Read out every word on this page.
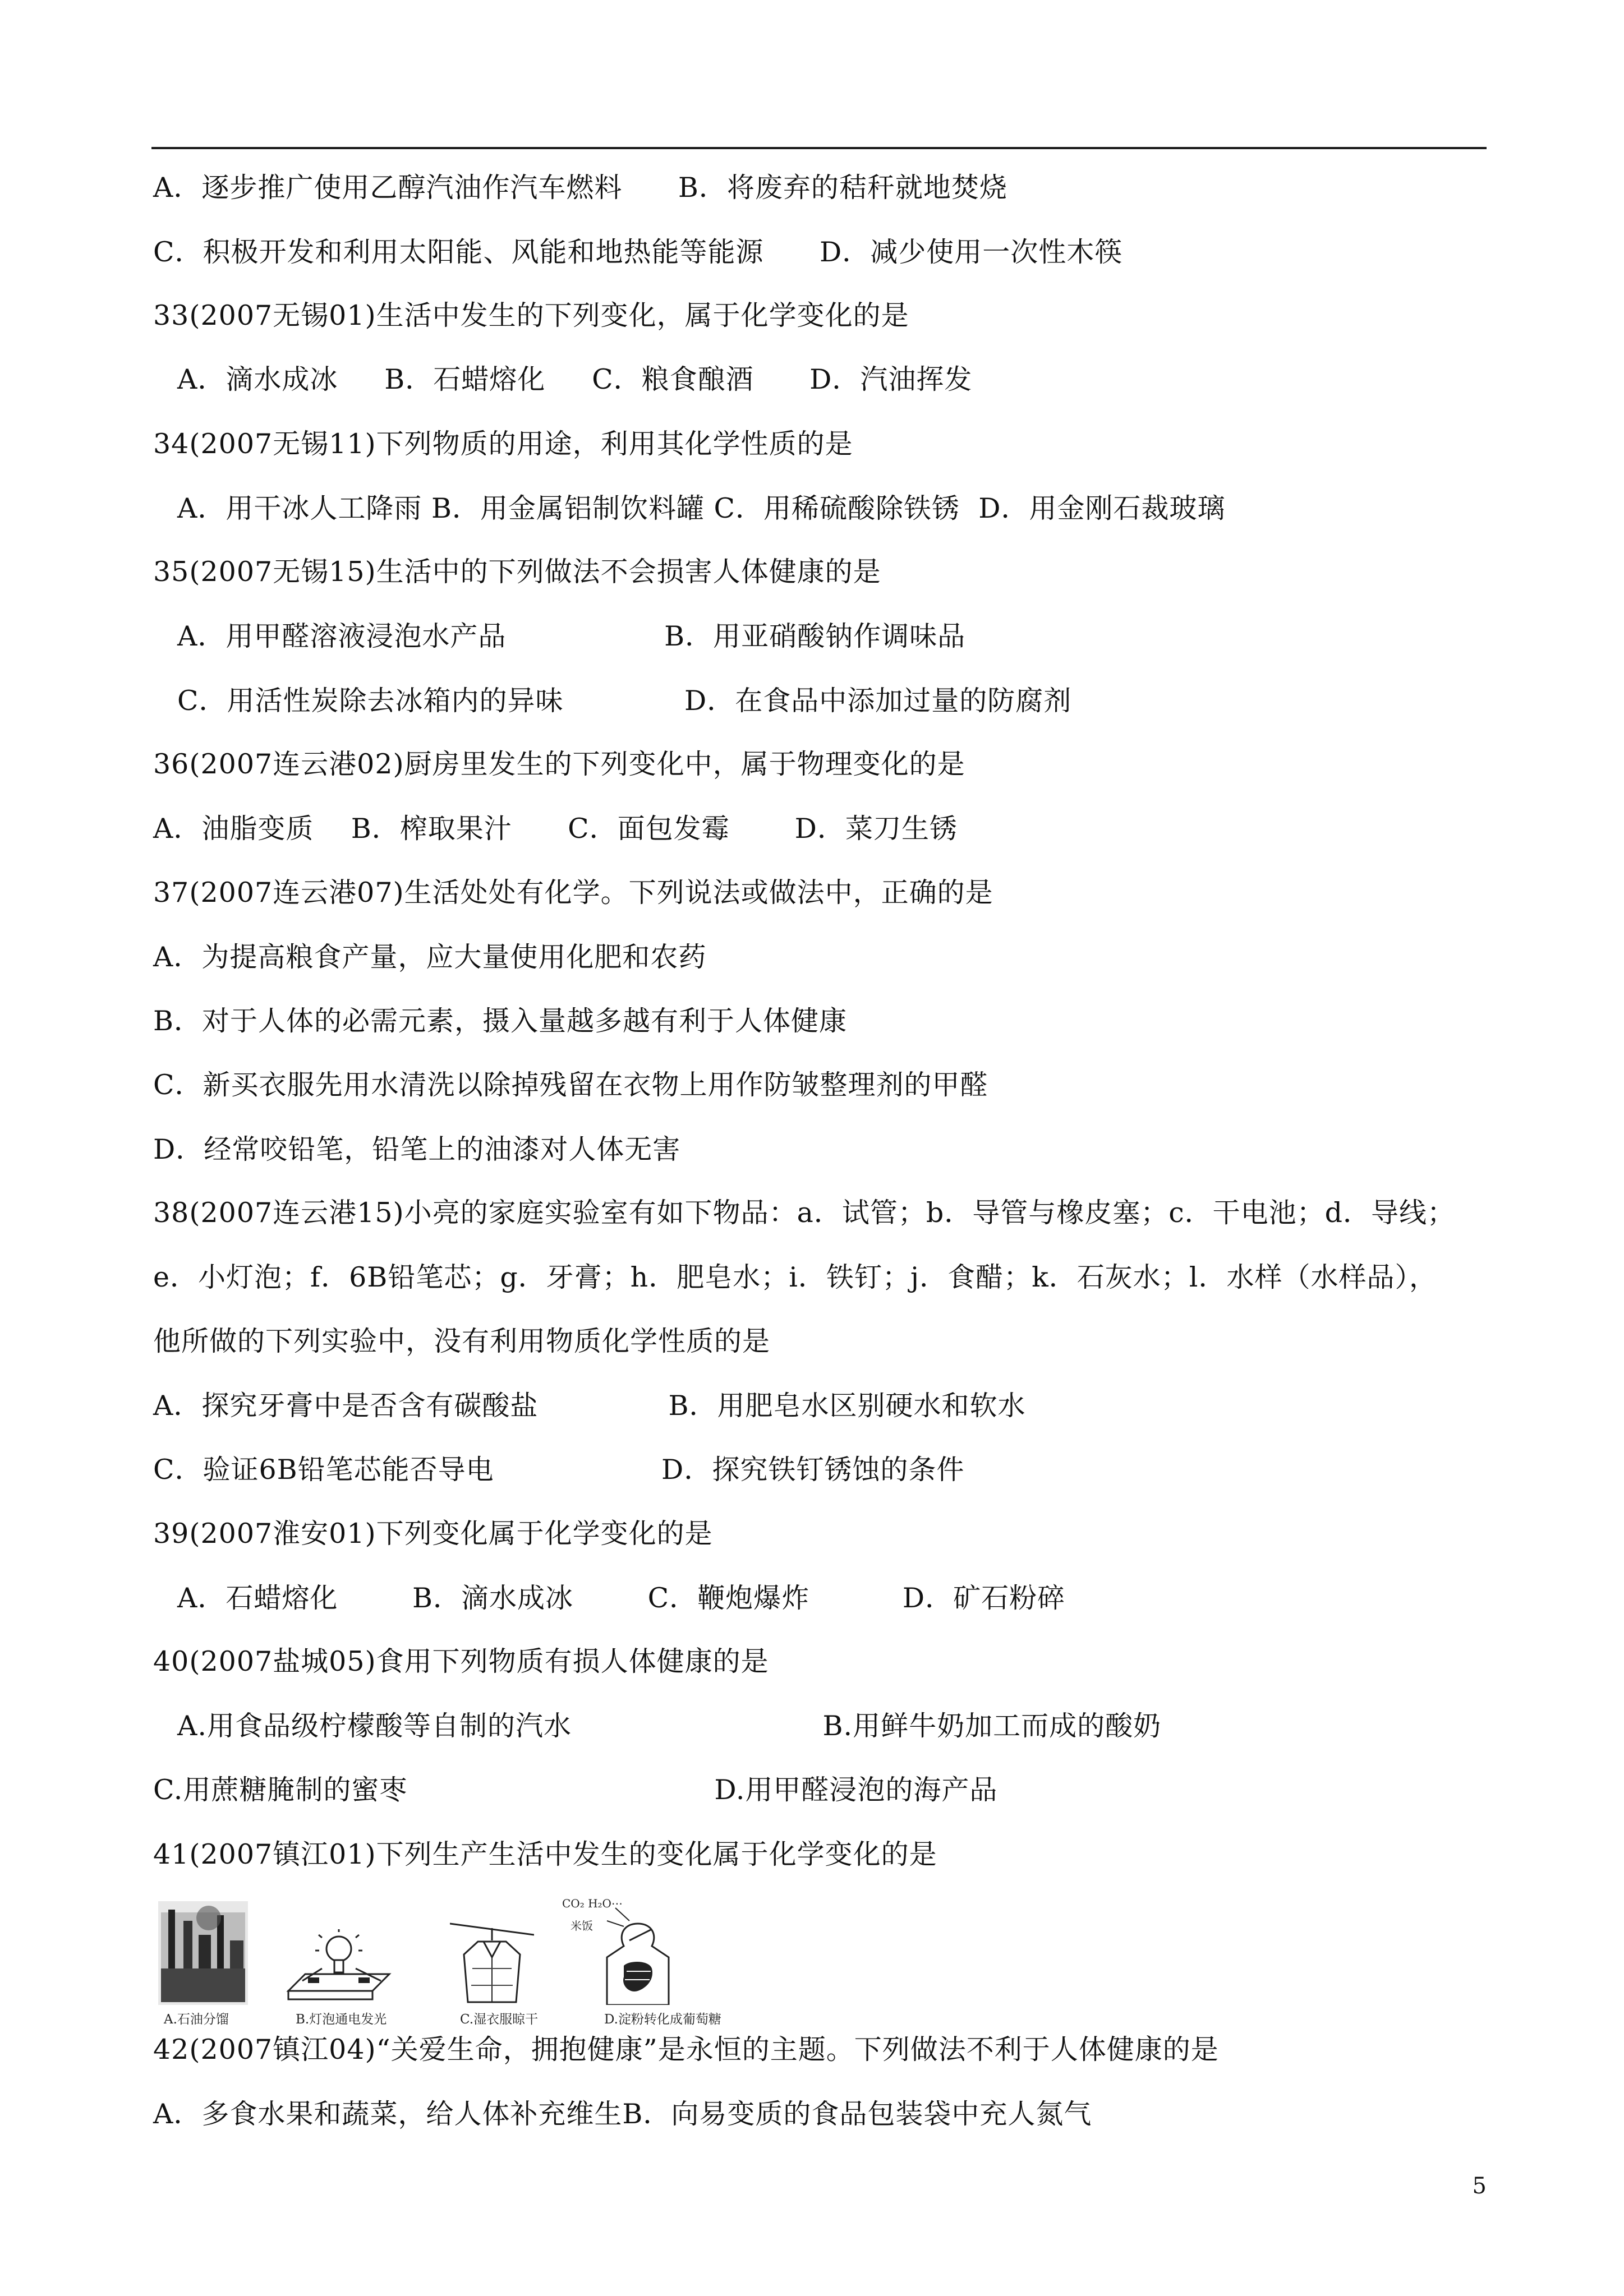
A．逐步推广使用乙醇汽油作汽车燃料      B．将废弃的秸秆就地焚烧
C．积极开发和利用太阳能、风能和地热能等能源      D．减少使用一次性木筷
33(2007无锡01)生活中发生的下列变化，属于化学变化的是
A．滴水成冰     B．石蜡熔化     C．粮食酿酒      D．汽油挥发
34(2007无锡11)下列物质的用途，利用其化学性质的是
A．用干冰人工降雨 B．用金属铝制饮料罐 C．用稀硫酸除铁锈  D．用金刚石裁玻璃
35(2007无锡15)生活中的下列做法不会损害人体健康的是
A．用甲醛溶液浸泡水产品                 B．用亚硝酸钠作调味品
C．用活性炭除去冰箱内的异味             D．在食品中添加过量的防腐剂
36(2007连云港02)厨房里发生的下列变化中，属于物理变化的是
A．油脂变质    B．榨取果汁      C．面包发霉       D．菜刀生锈
37(2007连云港07)生活处处有化学。下列说法或做法中，正确的是
A．为提高粮食产量，应大量使用化肥和农药
B．对于人体的必需元素，摄入量越多越有利于人体健康
C．新买衣服先用水清洗以除掉残留在衣物上用作防皱整理剂的甲醛
D．经常咬铅笔，铅笔上的油漆对人体无害
38(2007连云港15)小亮的家庭实验室有如下物品：a．试管；b．导管与橡皮塞；c．干电池；d．导线；
e．小灯泡；f．6B铅笔芯；g．牙膏；h．肥皂水；i．铁钉；j．食醋；k．石灰水；l．水样（水样品），
他所做的下列实验中，没有利用物质化学性质的是
A．探究牙膏中是否含有碳酸盐              B．用肥皂水区别硬水和软水
C．验证6B铅笔芯能否导电                  D．探究铁钉锈蚀的条件
39(2007淮安01)下列变化属于化学变化的是
A．石蜡熔化        B．滴水成冰        C．鞭炮爆炸          D．矿石粉碎
40(2007盐城05)食用下列物质有损人体健康的是
A.用食品级柠檬酸等自制的汽水                           B.用鲜牛奶加工而成的酸奶
C.用蔗糖腌制的蜜枣                                 D.用甲醛浸泡的海产品
41(2007镇江01)下列生产生活中发生的变化属于化学变化的是
A.石油分馏	B.灯泡通电发光	C.湿衣服晾干
CO₂ H₂O⋯
米饭
D.淀粉转化成葡萄糖
42(2007镇江04)“关爱生命，拥抱健康”是永恒的主题。下列做法不利于人体健康的是
A．多食水果和蔬菜，给人体补充维生B．向易变质的食品包装袋中充人氮气
5
